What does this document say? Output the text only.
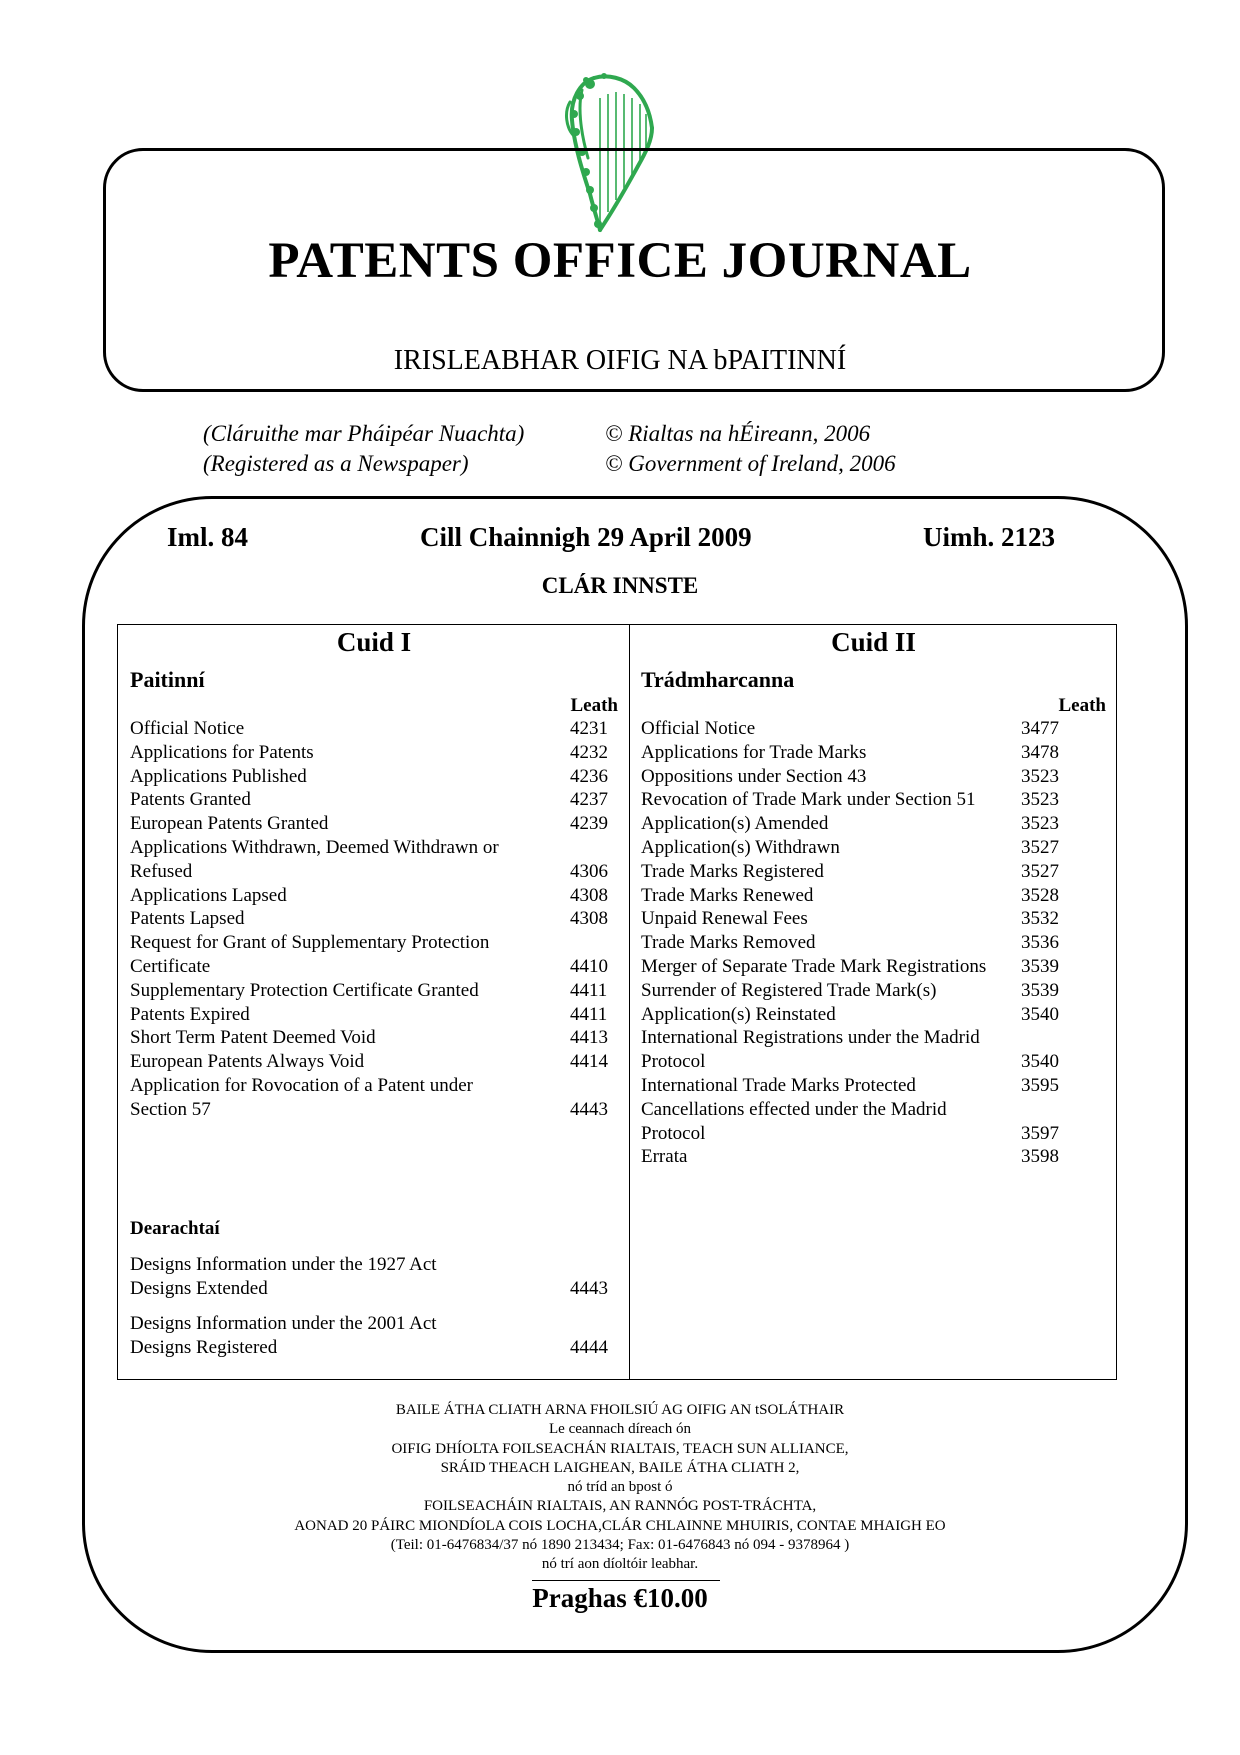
PATENTS OFFICE JOURNAL
IRISLEABHAR OIFIG NA bPAITINNÍ
(Cláruithe mar Pháipéar Nuachta)
(Registered as a Newspaper)
© Rialtas na hÉireann, 2006
© Government of Ireland, 2006
Iml. 84	Cill Chainnigh 29 April 2009	Uimh. 2123
CLÁR INNSTE
Cuid I
Paitinní
Leath
Official Notice	4231
Applications for Patents	4232
Applications Published	4236
Patents Granted	4237
European Patents Granted	4239
Applications Withdrawn, Deemed Withdrawn or Refused	4306
Applications Lapsed	4308
Patents Lapsed	4308
Request for Grant of Supplementary Protection Certificate	4410
Supplementary Protection Certificate Granted	4411
Patents Expired	4411
Short Term Patent Deemed Void	4413
European Patents Always Void	4414
Application for Rovocation of a Patent under Section 57	4443
Dearachtaí
Designs Information under the 1927 Act
Designs Extended	4443
Designs Information under the 2001 Act
Designs Registered	4444
Cuid II
Trádmharcanna
Leath
Official Notice	3477
Applications for Trade Marks	3478
Oppositions under Section 43	3523
Revocation of Trade Mark under Section 51	3523
Application(s) Amended	3523
Application(s) Withdrawn	3527
Trade Marks Registered	3527
Trade Marks Renewed	3528
Unpaid Renewal Fees	3532
Trade Marks Removed	3536
Merger of Separate Trade Mark Registrations	3539
Surrender of Registered Trade Mark(s)	3539
Application(s) Reinstated	3540
International Registrations under the Madrid Protocol	3540
International Trade Marks Protected	3595
Cancellations effected under the Madrid Protocol	3597
Errata	3598
BAILE ÁTHA CLIATH ARNA FHOILSIÚ AG OIFIG AN tSOLÁTHAIR
Le ceannach díreach ón
OIFIG DHÍOLTA FOILSEACHÁN RIALTAIS, TEACH SUN ALLIANCE,
SRÁID THEACH LAIGHEAN, BAILE ÁTHA CLIATH 2,
nó tríd an bpost ó
FOILSEACHÁIN RIALTAIS, AN RANNÓG POST-TRÁCHTA,
AONAD 20 PÁIRC MIONDÍOLA COIS LOCHA,CLÁR CHLAINNE MHUIRIS, CONTAE MHAIGH EO
(Teil: 01-6476834/37 nó 1890 213434; Fax: 01-6476843 nó 094 - 9378964 )
nó trí aon díoltóir leabhar.
Praghas €10.00
